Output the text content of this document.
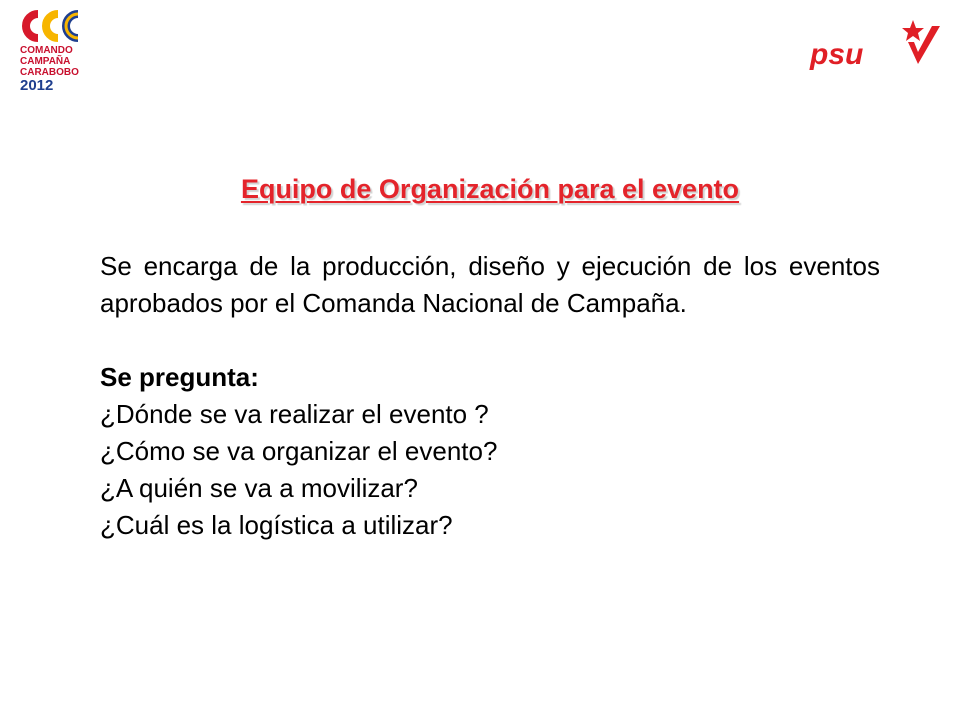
COMANDO
CAMPAÑA
CARABOBO
2012
psu
Equipo de Organización para el evento

Se encarga de la producción, diseño y ejecución de los eventos aprobados por el Comanda Nacional de Campaña.

Se pregunta:

¿Dónde se va realizar el evento ?
¿Cómo se va organizar el evento?
¿A quién se va a movilizar?
¿Cuál es la logística a utilizar?
